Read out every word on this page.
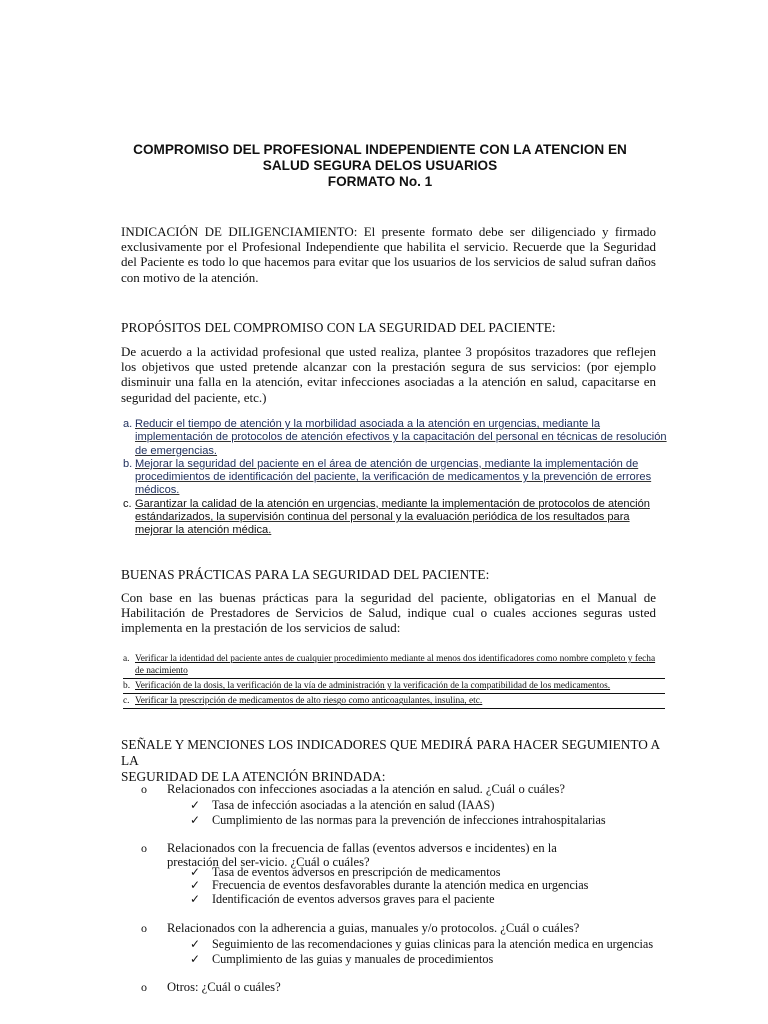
COMPROMISO DEL PROFESIONAL INDEPENDIENTE CON LA ATENCION EN
SALUD SEGURA DELOS USUARIOS
FORMATO No. 1
INDICACIÓN DE DILIGENCIAMIENTO: El presente formato debe ser diligenciado y firmado exclusivamente por el Profesional Independiente que habilita el servicio. Recuerde que la Seguridad del Paciente es todo lo que hacemos para evitar que los usuarios de los servicios de salud sufran daños con motivo de la atención.
PROPÓSITOS DEL COMPROMISO CON LA SEGURIDAD DEL PACIENTE:
De acuerdo a la actividad profesional que usted realiza, plantee 3 propósitos trazadores que reflejen los objetivos que usted pretende alcanzar con la prestación segura de sus servicios: (por ejemplo disminuir una falla en la atención, evitar infecciones asociadas a la atención en salud, capacitarse en seguridad del paciente, etc.)
a. Reducir el tiempo de atención y la morbilidad asociada a la atención en urgencias, mediante la implementación de protocolos de atención efectivos y la capacitación del personal en técnicas de resolución de emergencias.
b. Mejorar la seguridad del paciente en el área de atención de urgencias, mediante la implementación de procedimientos de identificación del paciente, la verificación de medicamentos y la prevención de errores médicos.
c. Garantizar la calidad de la atención en urgencias, mediante la implementación de protocolos de atención estándarizados, la supervisión continua del personal y la evaluación periódica de los resultados para mejorar la atención médica.
BUENAS PRÁCTICAS PARA LA SEGURIDAD DEL PACIENTE:
Con base en las buenas prácticas para la seguridad del paciente, obligatorias en el Manual de Habilitación de Prestadores de Servicios de Salud, indique cual o cuales acciones seguras usted implementa en la prestación de los servicios de salud:
a. Verificar la identidad del paciente antes de cualquier procedimiento mediante al menos dos identificadores como nombre completo y fecha de nacimiento
b. Verificación de la dosis, la verificación de la vía de administración y la verificación de la compatibilidad de los medicamentos.
c. Verificar la prescripción de medicamentos de alto riesgo como anticoagulantes, insulina, etc.
SEÑALE Y MENCIONES LOS INDICADORES QUE MEDIRÁ PARA HACER SEGUMIENTO A LA
SEGURIDAD DE LA ATENCIÓN BRINDADA:
o Relacionados con infecciones asociadas a la atención en salud. ¿Cuál o cuáles?
✓ Tasa de infección asociadas a la atención en salud (IAAS)
✓ Cumplimiento de las normas para la prevención de infecciones intrahospitalarias
o Relacionados con la frecuencia de fallas (eventos adversos e incidentes) en la prestación del ser-vicio. ¿Cuál o cuáles?
✓ Tasa de eventos adversos en prescripción de medicamentos
✓ Frecuencia de eventos desfavorables durante la atención medica en urgencias
✓ Identificación de eventos adversos graves para el paciente
o Relacionados con la adherencia a guias, manuales y/o protocolos. ¿Cuál o cuáles?
✓ Seguimiento de las recomendaciones y guias clinicas para la atención medica en urgencias
✓ Cumplimiento de las guias y manuales de procedimientos
o Otros: ¿Cuál o cuáles?
